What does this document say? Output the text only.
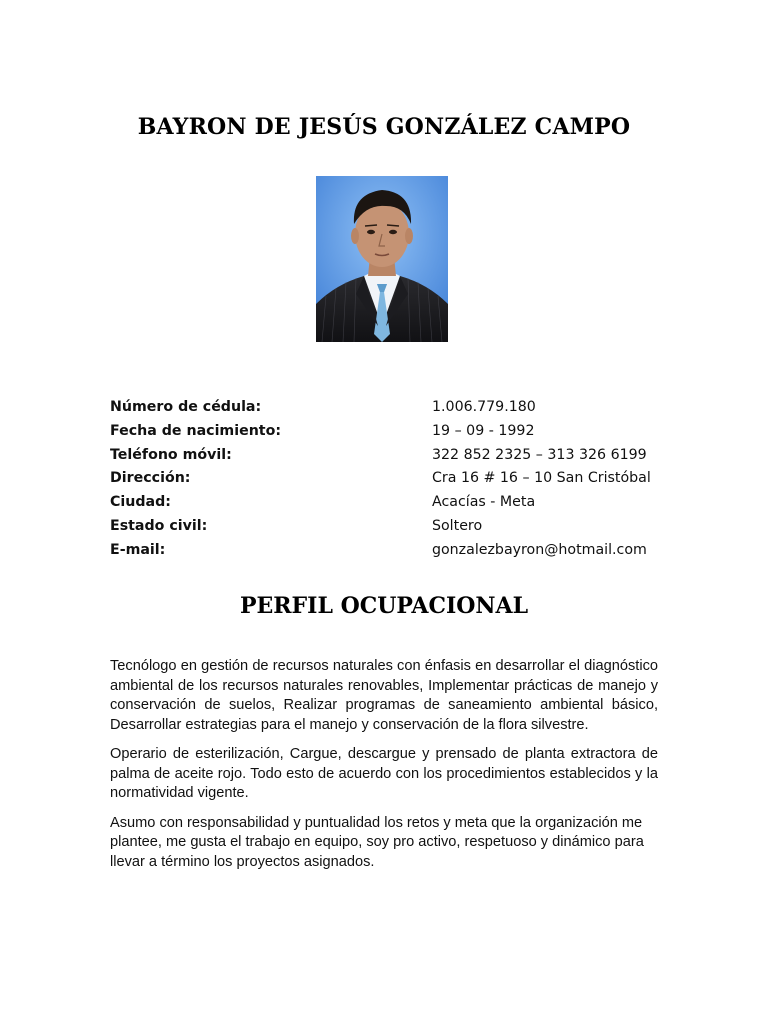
BAYRON DE JESÚS GONZÁLEZ CAMPO
Número de cédula:	1.006.779.180
Fecha de nacimiento:	19 – 09 - 1992
Teléfono móvil:	322 852 2325 – 313 326 6199
Dirección:	Cra 16 # 16 – 10 San Cristóbal
Ciudad:	Acacías - Meta
Estado civil:	Soltero
E-mail:	gonzalezbayron@hotmail.com
PERFIL OCUPACIONAL

Tecnólogo en gestión de recursos naturales con énfasis en desarrollar el diagnóstico ambiental de los recursos naturales renovables, Implementar prácticas de manejo y conservación de suelos, Realizar programas de saneamiento ambiental básico, Desarrollar estrategias para el manejo y conservación de la flora silvestre.

Operario de esterilización, Cargue, descargue y prensado de planta extractora de palma de aceite rojo. Todo esto de acuerdo con los procedimientos establecidos y la normatividad vigente.

Asumo con responsabilidad y puntualidad los retos y meta que la organización me plantee, me gusta el trabajo en equipo, soy pro activo, respetuoso y dinámico para llevar a término los proyectos asignados.
